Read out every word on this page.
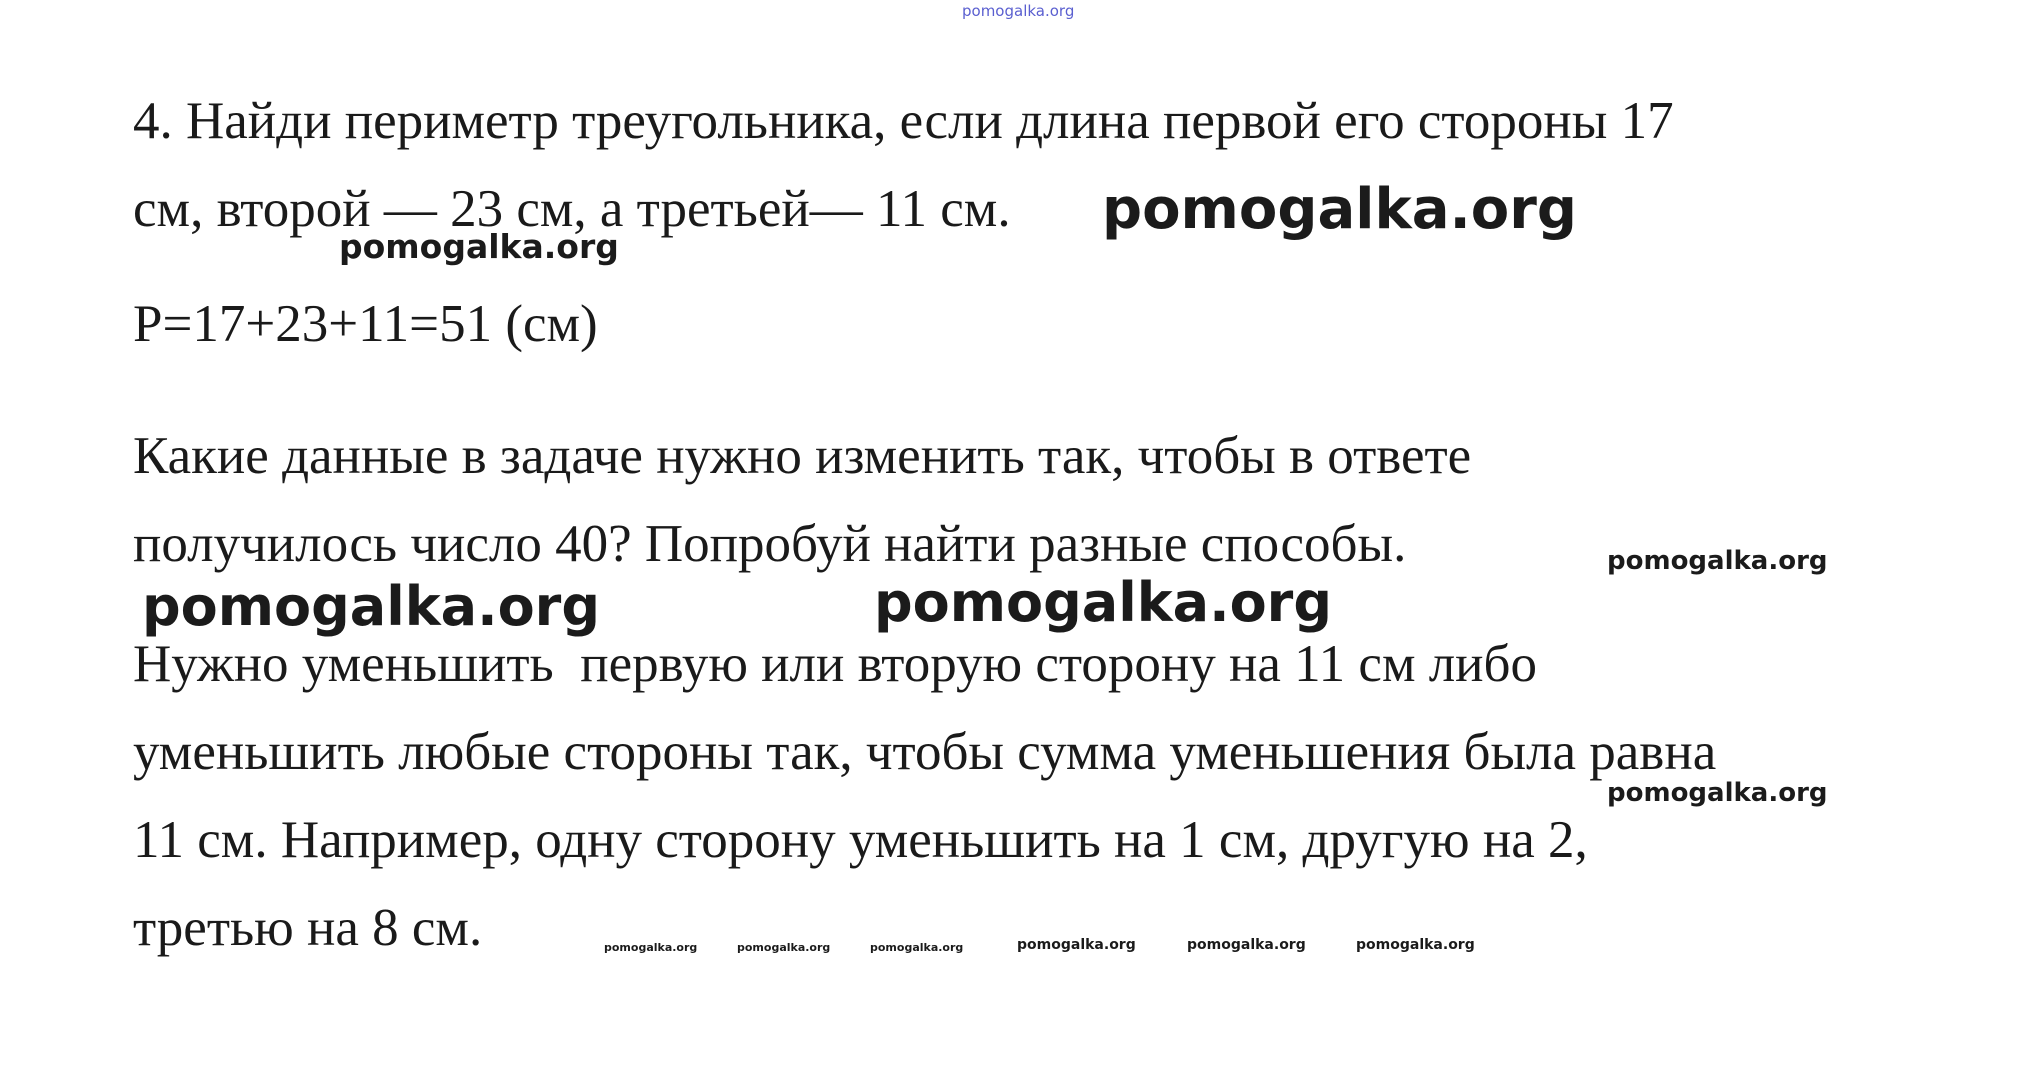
pomogalka.org
4. Найди периметр треугольника, если длина первой его стороны 17
см, второй — 23 см, а третьей— 11 см. pomogalka.org
pomogalka.org
P=17+23+11=51 (см)
Какие данные в задаче нужно изменить так, чтобы в ответе
получилось число 40? Попробуй найти разные способы.	pomogalka.org
pomogalka.org	pomogalka.org
Нужно уменьшить  первую или вторую сторону на 11 см либо
уменьшить любые стороны так, чтобы сумма уменьшения была равна
pomogalka.org
11 см. Например, одну сторону уменьшить на 1 см, другую на 2,
третью на 8 см.	pomogalka.org	pomogalka.org	pomogalka.org	pomogalka.org	pomogalka.org	pomogalka.org
